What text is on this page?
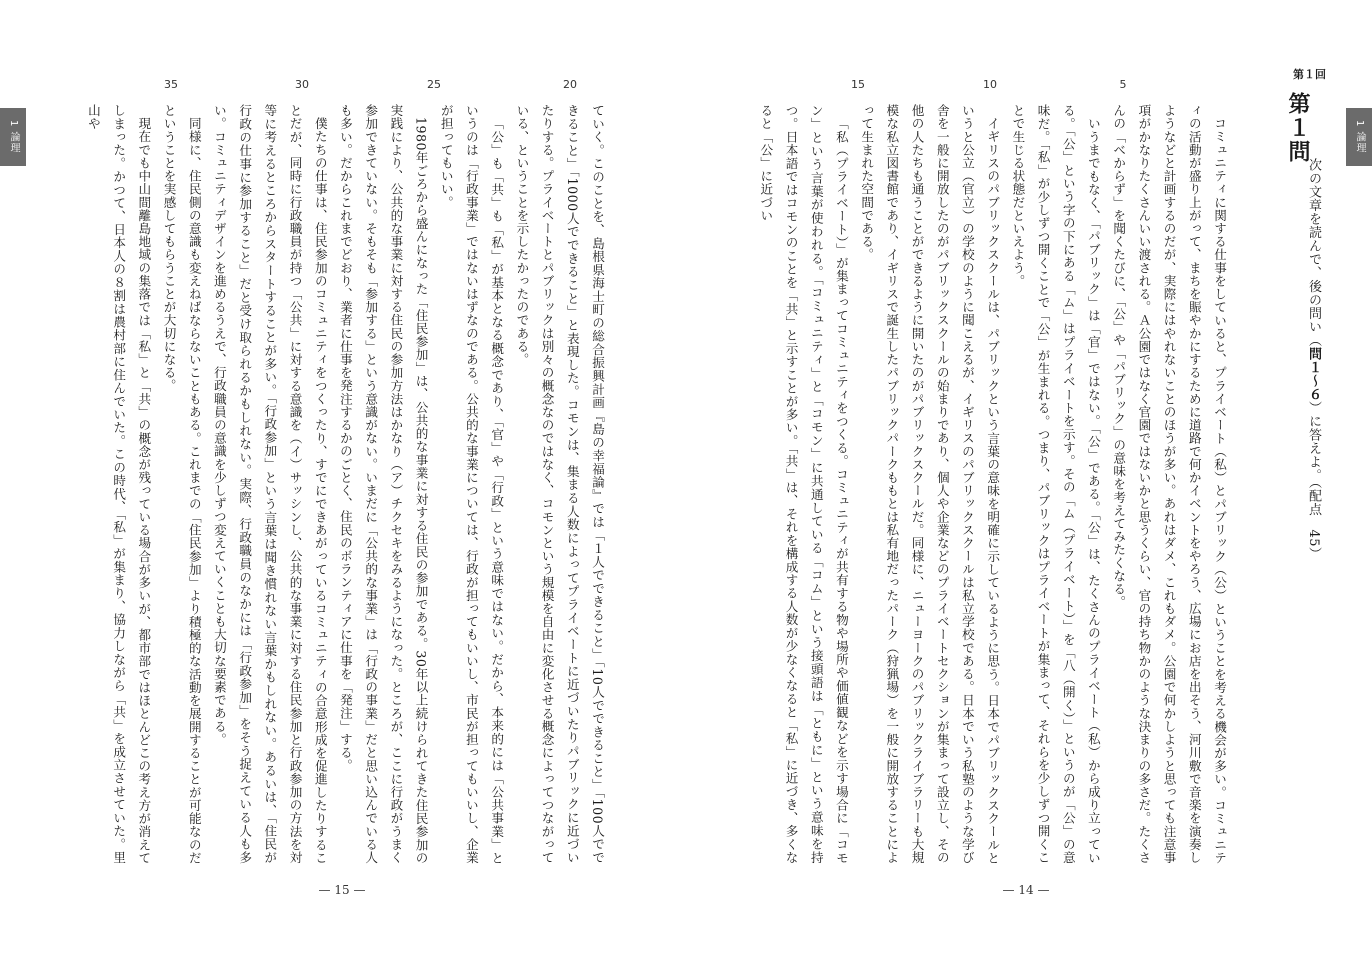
1 論理
20
25
30
35

ていく。このことを、島根県海士町の総合振興計画『島の幸福論』では「１人でできること」「10人でできること」「100人でできること」「1000人でできること」と表現した。コモンは、集まる人数によってプライベートに近づいたりパブリックに近づいたりする。プライベートとパブリックは別々の概念なのではなく、コモンという規模を自由に変化させる概念によってつながっている、ということを示したかったのである。

「公」も「共」も「私」が基本となる概念であり、「官」や「行政」という意味ではない。だから、本来的には「公共事業」というのは「行政事業」ではないはずなのである。公共的な事業については、行政が担ってもいいし、市民が担ってもいいし、企業が担ってもいい。

1980年ごろから盛んになった「住民参加」は、公共的な事業に対する住民の参加である。30年以上続けられてきた住民参加の実践により、公共的な事業に対する住民の参加方法はかなり（ア）チクセキをみるようになった。ところが、ここに行政がうまく参加できていない。そもそも「参加する」という意識がない。いまだに「公共的な事業」は「行政の事業」だと思い込んでいる人も多い。だからこれまでどおり、業者に仕事を発注するかのごとく、住民のボランティアに仕事を「発注」する。

僕たちの仕事は、住民参加のコミュニティをつくったり、すでにできあがっているコミュニティの合意形成を促進したりすることだが、同時に行政職員が持つ「公共」に対する意識を（イ）サッシンし、公共的な事業に対する住民参加と行政参加の方法を対等に考えるところからスタートすることが多い。「行政参加」という言葉は聞き慣れない言葉かもしれない。あるいは、「住民が行政の仕事に参加すること」だと受け取られるかもしれない。実際、行政職員のなかには「行政参加」をそう捉えている人も多い。コミュニティデザインを進めるうえで、行政職員の意識を少しずつ変えていくことも大切な要素である。

同様に、住民側の意識も変えねばならないこともある。これまでの「住民参加」より積極的な活動を展開することが可能なのだということを実感してもらうことが大切になる。

現在でも中山間離島地域の集落では「私」と「共」の概念が残っている場合が多いが、都市部ではほとんどこの考え方が消えてしまった。かつて、日本人の８割は農村部に住んでいた。この時代、「私」が集まり、協力しながら「共」を成立させていた。里山や

— 15 —
1 論理
第１回
第１問
次の文章を読んで、後の問い（問１〜６）に答えよ。（配点　45）
5
10
15

コミュニティに関する仕事をしていると、プライベート（私）とパブリック（公）ということを考える機会が多い。コミュニティの活動が盛り上がって、まちを賑やかにするために道路で何かイベントをやろう、広場にお店を出そう、河川敷で音楽を演奏しようなどと計画するのだが、実際にはやれないことのほうが多い。あれはダメ、これもダメ。公園で何かしようと思っても注意事項がかなりたくさんいい渡される。Ａ公園ではなく官園ではないかと思うくらい、官の持ち物かのような決まりの多さだ。たくさんの「べからず」を聞くたびに、「公」や「パブリック」の意味を考えてみたくなる。

いうまでもなく、「パブリック」は「官」ではない。「公」である。「公」は、たくさんのプライベート（私）から成り立っている。「公」という字の下にある「ム」はプライベートを示す。その「ム（プライベート）」を「八（開く）」というのが「公」の意味だ。「私」が少しずつ開くことで「公」が生まれる。つまり、パブリックはプライベートが集まって、それらを少しずつ開くことで生じる状態だといえよう。

イギリスのパブリックスクールは、パブリックという言葉の意味を明確に示しているように思う。日本でパブリックスクールというと公立（官立）の学校のように聞こえるが、イギリスのパブリックスクールは私立学校である。日本でいう私塾のような学び舎を一般に開放したのがパブリックスクールの始まりであり、個人や企業などのプライベートセクションが集まって設立し、その他の人たちも通うことができるように開いたのがパブリックスクールだ。同様に、ニューヨークのパブリックライブラリーも大規模な私立図書館であり、イギリスで誕生したパブリックパークももとは私有地だったパーク（狩猟場）を一般に開放することによって生まれた空間である。

「私（プライベート）」が集まってコミュニティをつくる。コミュニティが共有する物や場所や価値観などを示す場合に「コモン」という言葉が使われる。「コミュニティ」と「コモン」に共通している「コム」という接頭語は「ともに」という意味を持つ。日本語ではコモンのことを「共」と示すことが多い。「共」は、それを構成する人数が少なくなると「私」に近づき、多くなると「公」に近づい

— 14 —
